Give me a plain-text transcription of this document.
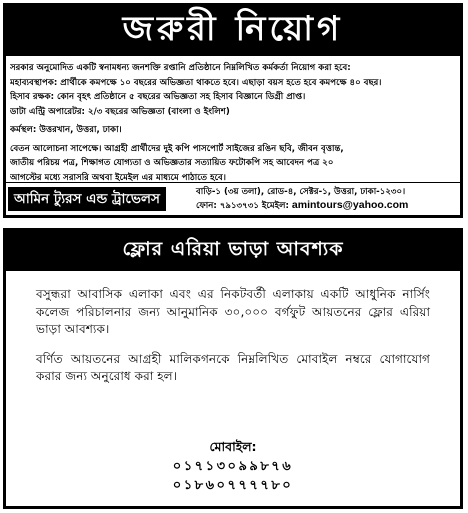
জরুরী নিয়োগ
সরকার অনুমোদিত একটি স্বনামধন্য জনশক্তি রপ্তানি প্রতিষ্ঠানে নিম্নলিখিত কর্মকর্তা নিয়োগ করা হবে:
মহাব্যবস্থাপক: প্রার্থীকে কমপক্ষে ১০ বছরের অভিজ্ঞতা থাকতে হবে। এছাড়া বয়স হতে হবে কমপক্ষে ৪০ বছর।
হিসাব রক্ষক: কোন বৃহৎ প্রতিষ্ঠানে ৫ বছরের অভিজ্ঞতা সহ হিসাব বিজ্ঞানে ডিগ্রী প্রাপ্ত।
ডাটা এন্ট্রি অপারেটর: ২/৩ বছরের অভিজ্ঞতা (বাংলা ও ইংলিশ)
কর্মস্থল: উত্তরখান, উত্তরা, ঢাকা।
বেতন আলোচনা সাপেক্ষে। আগ্রহী প্রার্থীদের দুই কপি পাসপোর্ট সাইজের রঙিন ছবি, জীবন বৃত্তান্ত,
জাতীয় পরিচয় পত্র, শিক্ষাগত যোগ্যতা ও অভিজ্ঞতার সত্যায়িত ফটোকপি সহ আবেদন পত্র ২০
আগস্টের মধ্যে সরাসরি অথবা ইমেইল এর মাধ্যমে পাঠাতে হবে।
আমিন ট্যুরস এন্ড ট্রাভেলস	বাড়ি-১ (৩য় তলা), রোড-৪, সেক্টর-১, উত্তরা, ঢাকা-১২৩০।
ফোন: ৭৯১৩৭৩১ ইমেইল: amintours@yahoo.com
ফ্লোর এরিয়া ভাড়া আবশ্যক

বসুন্ধরা আবাসিক এলাকা এবং এর নিকটবর্তী এলাকায় একটি আধুনিক নার্সিং কলেজ পরিচালনার জন্য আনুমানিক ৩০,০০০ বর্গফুট আয়তনের ফ্লোর এরিয়া ভাড়া আবশ্যক।

বর্ণিত আয়তনের আগ্রহী মালিকগনকে নিম্নলিখিত মোবাইল নম্বরে যোগাযোগ করার জন্য অনুরোধ করা হল।

মোবাইল:
০১৭১৩০৯৯৮৭৬
০১৮৬০৭৭৭৭৮০
